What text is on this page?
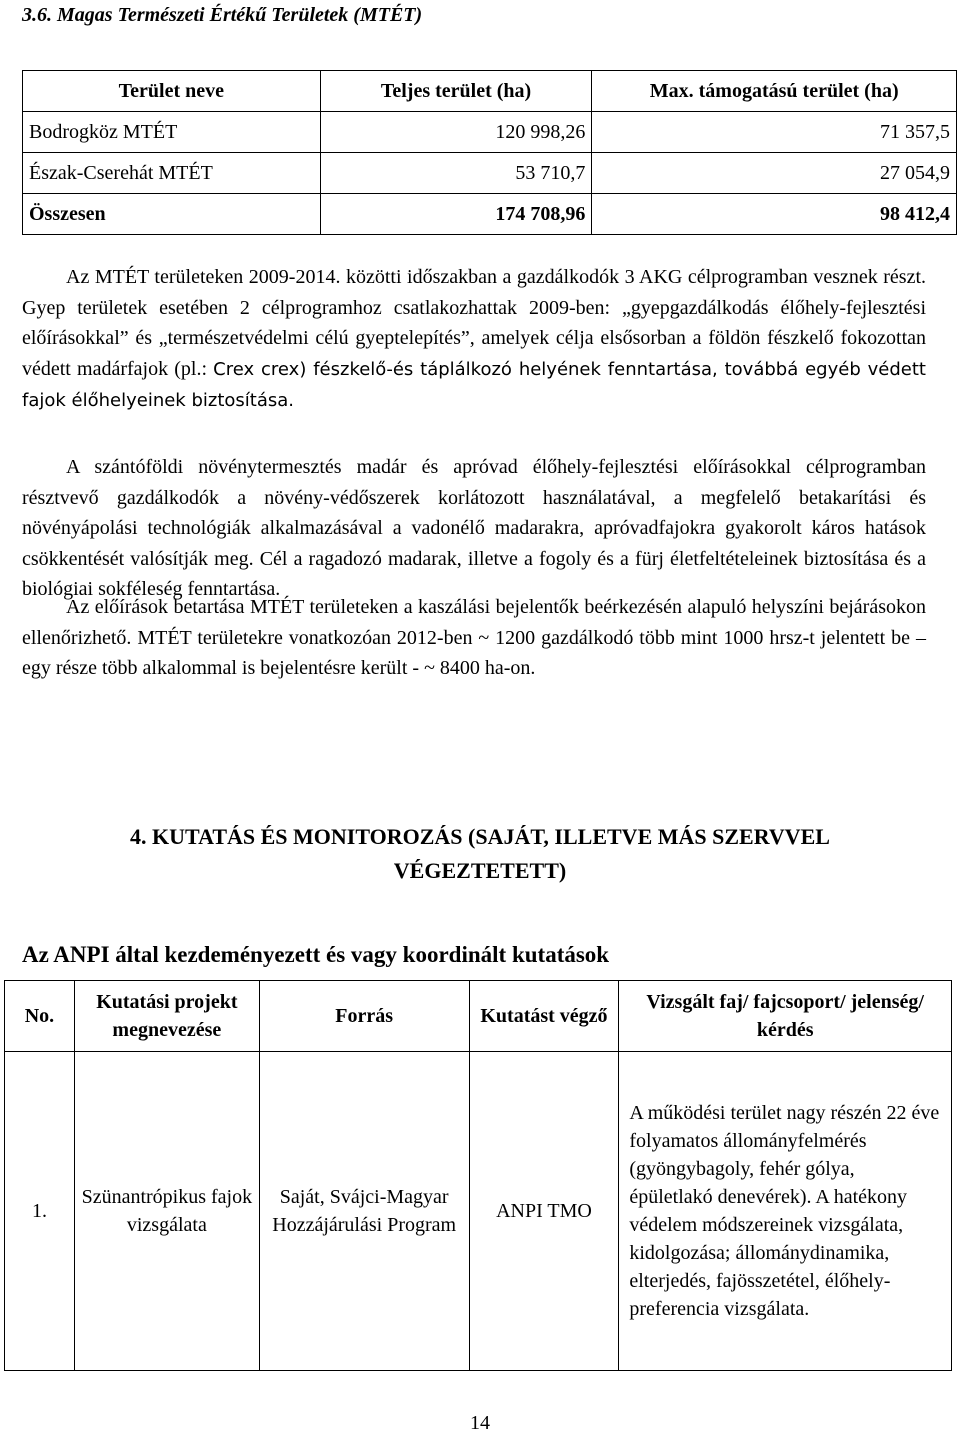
3.6. Magas Természeti Értékű Területek (MTÉT)
Terület neve	Teljes terület (ha)	Max. támogatású terület (ha)
Bodrogköz MTÉT	120 998,26	71 357,5
Észak-Cserehát MTÉT	53 710,7	27 054,9
Összesen	174 708,96	98 412,4

Az MTÉT területeken 2009-2014. közötti időszakban a gazdálkodók 3 AKG célprogramban vesznek részt. Gyep területek esetében 2 célprogramhoz csatlakozhattak 2009-ben: „gyepgazdálkodás élőhely-fejlesztési előírásokkal” és „természetvédelmi célú gyeptelepítés”, amelyek célja elsősorban a földön fészkelő fokozottan védett madárfajok (pl.: Crex crex) fészkelő-és táplálkozó helyének fenntartása, továbbá egyéb védett fajok élőhelyeinek biztosítása.

A szántóföldi növénytermesztés madár és apróvad élőhely-fejlesztési előírásokkal célprogramban résztvevő gazdálkodók a növény-védőszerek korlátozott használatával, a megfelelő betakarítási és növényápolási technológiák alkalmazásával a vadonélő madarakra, apróvadfajokra gyakorolt káros hatások csökkentését valósítják meg. Cél a ragadozó madarak, illetve a fogoly és a fürj életfeltételeinek biztosítása és a biológiai sokféleség fenntartása.

Az előírások betartása MTÉT területeken a kaszálási bejelentők beérkezésén alapuló helyszíni bejárásokon ellenőrizhető. MTÉT területekre vonatkozóan 2012-ben ~ 1200 gazdálkodó több mint 1000 hrsz-t jelentett be – egy része több alkalommal is bejelentésre került - ~ 8400 ha-on.

4. KUTATÁS ÉS MONITOROZÁS (SAJÁT, ILLETVE MÁS SZERVVEL

VÉGEZTETETT)

Az ANPI által kezdeményezett és vagy koordinált kutatások
No.	Kutatási projekt megnevezése	Forrás	Kutatást végző	Vizsgált faj/ fajcsoport/ jelenség/ kérdés
1.	Szünantrópikus fajok vizsgálata	Saját, Svájci-Magyar Hozzájárulási Program	ANPI TMO	A működési terület nagy részén 22 éve folyamatos állományfelmérés (gyöngybagoly, fehér gólya, épületlakó denevérek). A hatékony védelem módszereinek vizsgálata, kidolgozása; állománydinamika, elterjedés, fajösszetétel, élőhely-preferencia vizsgálata.
14
